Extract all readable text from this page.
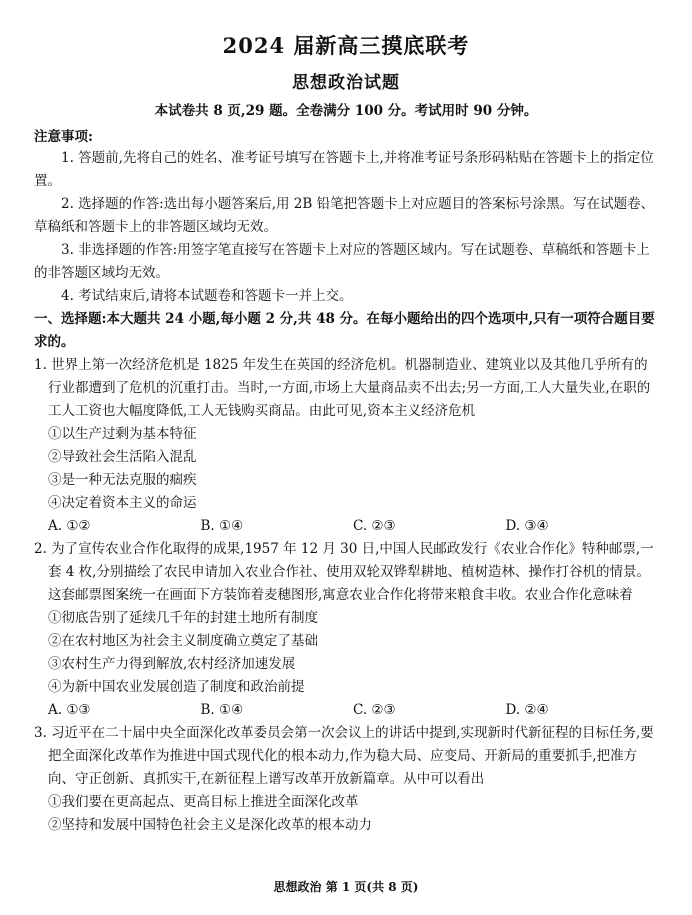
2024 届新高三摸底联考
思想政治试题
本试卷共 8 页,29 题。全卷满分 100 分。考试用时 90 分钟。
注意事项:
1. 答题前,先将自己的姓名、准考证号填写在答题卡上,并将准考证号条形码粘贴在答题卡上的指定位置。
2. 选择题的作答:选出每小题答案后,用 2B 铅笔把答题卡上对应题目的答案标号涂黑。写在试题卷、草稿纸和答题卡上的非答题区域均无效。
3. 非选择题的作答:用签字笔直接写在答题卡上对应的答题区域内。写在试题卷、草稿纸和答题卡上的非答题区域均无效。
4. 考试结束后,请将本试题卷和答题卡一并上交。
一、选择题:本大题共 24 小题,每小题 2 分,共 48 分。在每小题给出的四个选项中,只有一项符合题目要求的。
1. 世界上第一次经济危机是 1825 年发生在英国的经济危机。机器制造业、建筑业以及其他几乎所有的行业都遭到了危机的沉重打击。当时,一方面,市场上大量商品卖不出去;另一方面,工人大量失业,在职的工人工资也大幅度降低,工人无钱购买商品。由此可见,资本主义经济危机
①以生产过剩为基本特征
②导致社会生活陷入混乱
③是一种无法克服的痼疾
④决定着资本主义的命运
A. ①②	B. ①④	C. ②③	D. ③④
2. 为了宣传农业合作化取得的成果,1957 年 12 月 30 日,中国人民邮政发行《农业合作化》特种邮票,一套 4 枚,分别描绘了农民申请加入农业合作社、使用双轮双铧犁耕地、植树造林、操作打谷机的情景。这套邮票图案统一在画面下方装饰着麦穗图形,寓意农业合作化将带来粮食丰收。农业合作化意味着
①彻底告别了延续几千年的封建土地所有制度
②在农村地区为社会主义制度确立奠定了基础
③农村生产力得到解放,农村经济加速发展
④为新中国农业发展创造了制度和政治前提
A. ①③	B. ①④	C. ②③	D. ②④
3. 习近平在二十届中央全面深化改革委员会第一次会议上的讲话中提到,实现新时代新征程的目标任务,要把全面深化改革作为推进中国式现代化的根本动力,作为稳大局、应变局、开新局的重要抓手,把准方向、守正创新、真抓实干,在新征程上谱写改革开放新篇章。从中可以看出
①我们要在更高起点、更高目标上推进全面深化改革
②坚持和发展中国特色社会主义是深化改革的根本动力
思想政治 第 1 页(共 8 页)
